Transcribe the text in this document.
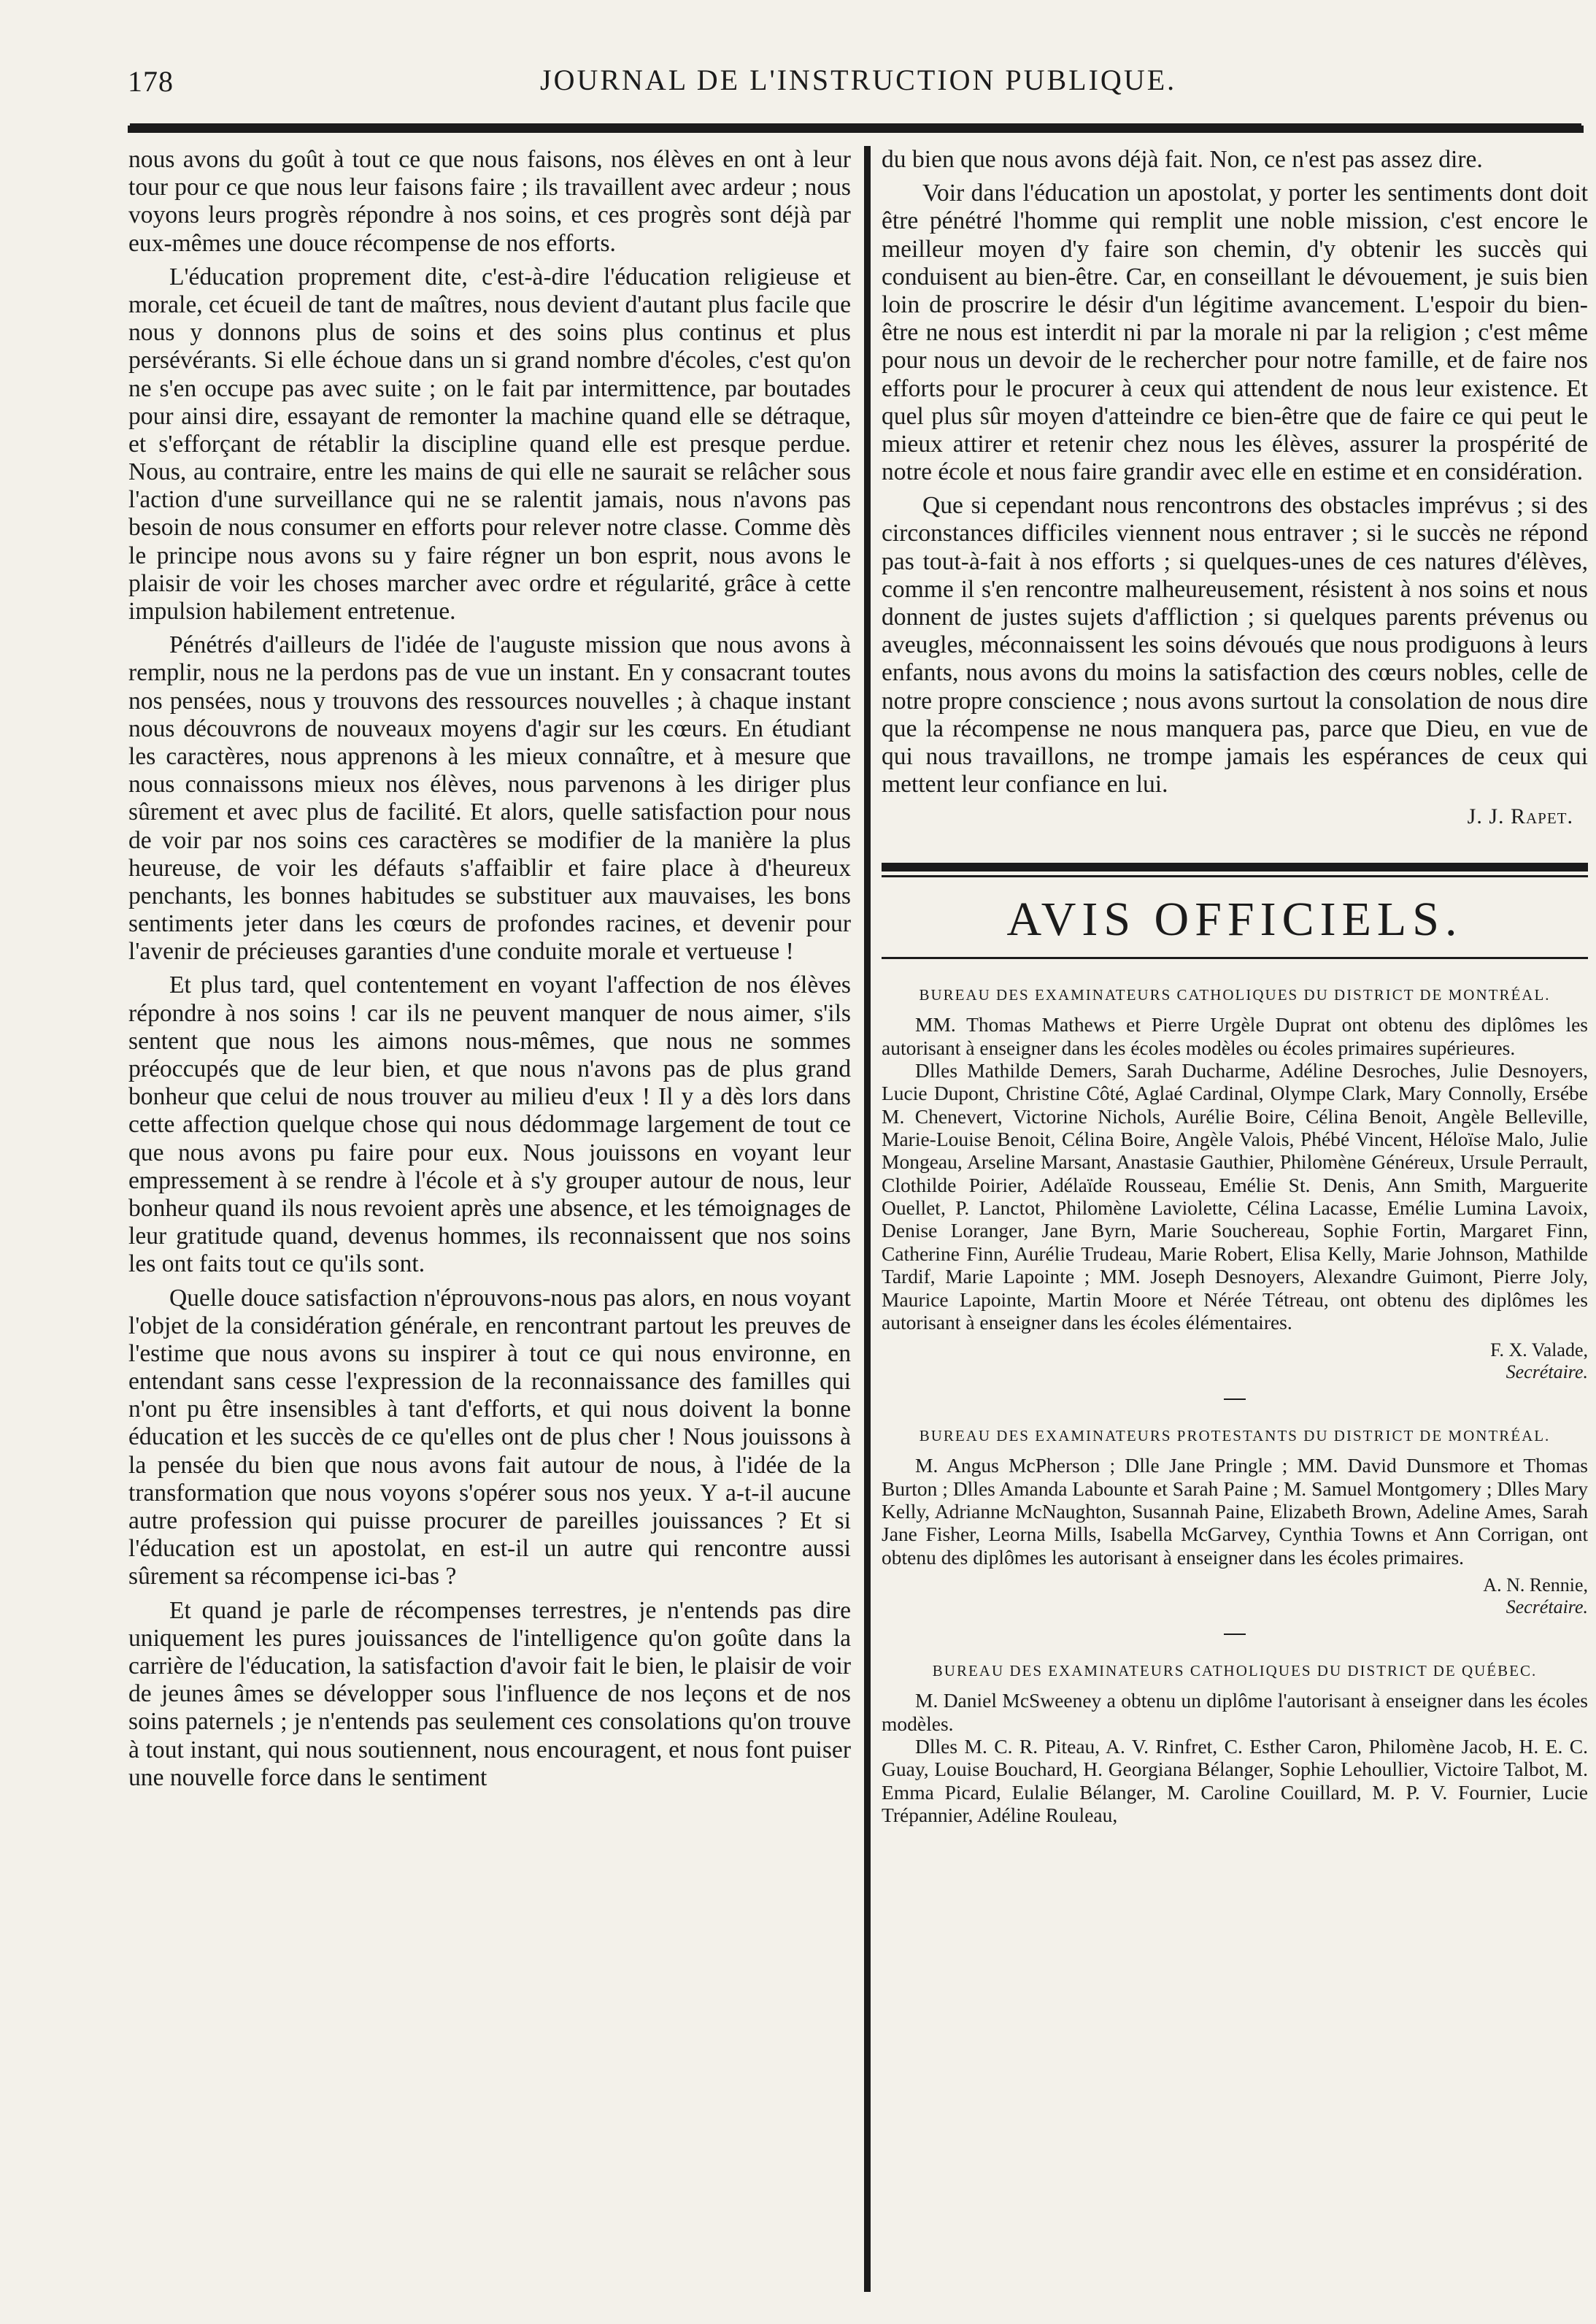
178	JOURNAL DE L'INSTRUCTION PUBLIQUE.

nous avons du goût à tout ce que nous faisons, nos élèves en ont à leur tour pour ce que nous leur faisons faire ; ils travaillent avec ardeur ; nous voyons leurs progrès répondre à nos soins, et ces progrès sont déjà par eux-mêmes une douce récompense de nos efforts.

L'éducation proprement dite, c'est-à-dire l'éducation religieuse et morale, cet écueil de tant de maîtres, nous devient d'autant plus facile que nous y donnons plus de soins et des soins plus continus et plus persévérants. Si elle échoue dans un si grand nombre d'écoles, c'est qu'on ne s'en occupe pas avec suite ; on le fait par intermittence, par boutades pour ainsi dire, essayant de remonter la machine quand elle se détraque, et s'efforçant de rétablir la discipline quand elle est presque perdue. Nous, au contraire, entre les mains de qui elle ne saurait se relâcher sous l'action d'une surveillance qui ne se ralentit jamais, nous n'avons pas besoin de nous consumer en efforts pour relever notre classe. Comme dès le principe nous avons su y faire régner un bon esprit, nous avons le plaisir de voir les choses marcher avec ordre et régularité, grâce à cette impulsion habilement entretenue.

Pénétrés d'ailleurs de l'idée de l'auguste mission que nous avons à remplir, nous ne la perdons pas de vue un instant. En y consacrant toutes nos pensées, nous y trouvons des ressources nouvelles ; à chaque instant nous découvrons de nouveaux moyens d'agir sur les cœurs. En étudiant les caractères, nous apprenons à les mieux connaître, et à mesure que nous connaissons mieux nos élèves, nous parvenons à les diriger plus sûrement et avec plus de facilité. Et alors, quelle satisfaction pour nous de voir par nos soins ces caractères se modifier de la manière la plus heureuse, de voir les défauts s'affaiblir et faire place à d'heureux penchants, les bonnes habitudes se substituer aux mauvaises, les bons sentiments jeter dans les cœurs de profondes racines, et devenir pour l'avenir de précieuses garanties d'une conduite morale et vertueuse !

Et plus tard, quel contentement en voyant l'affection de nos élèves répondre à nos soins ! car ils ne peuvent manquer de nous aimer, s'ils sentent que nous les aimons nous-mêmes, que nous ne sommes préoccupés que de leur bien, et que nous n'avons pas de plus grand bonheur que celui de nous trouver au milieu d'eux ! Il y a dès lors dans cette affection quelque chose qui nous dédommage largement de tout ce que nous avons pu faire pour eux. Nous jouissons en voyant leur empressement à se rendre à l'école et à s'y grouper autour de nous, leur bonheur quand ils nous revoient après une absence, et les témoignages de leur gratitude quand, devenus hommes, ils reconnaissent que nos soins les ont faits tout ce qu'ils sont.

Quelle douce satisfaction n'éprouvons-nous pas alors, en nous voyant l'objet de la considération générale, en rencontrant partout les preuves de l'estime que nous avons su inspirer à tout ce qui nous environne, en entendant sans cesse l'expression de la reconnaissance des familles qui n'ont pu être insensibles à tant d'efforts, et qui nous doivent la bonne éducation et les succès de ce qu'elles ont de plus cher ! Nous jouissons à la pensée du bien que nous avons fait autour de nous, à l'idée de la transformation que nous voyons s'opérer sous nos yeux. Y a-t-il aucune autre profession qui puisse procurer de pareilles jouissances ? Et si l'éducation est un apostolat, en est-il un autre qui rencontre aussi sûrement sa récompense ici-bas ?

Et quand je parle de récompenses terrestres, je n'entends pas dire uniquement les pures jouissances de l'intelligence qu'on goûte dans la carrière de l'éducation, la satisfaction d'avoir fait le bien, le plaisir de voir de jeunes âmes se développer sous l'influence de nos leçons et de nos soins paternels ; je n'entends pas seulement ces consolations qu'on trouve à tout instant, qui nous soutiennent, nous encouragent, et nous font puiser une nouvelle force dans le sentiment

du bien que nous avons déjà fait. Non, ce n'est pas assez dire.

Voir dans l'éducation un apostolat, y porter les sentiments dont doit être pénétré l'homme qui remplit une noble mission, c'est encore le meilleur moyen d'y faire son chemin, d'y obtenir les succès qui conduisent au bien-être. Car, en conseillant le dévouement, je suis bien loin de proscrire le désir d'un légitime avancement. L'espoir du bien-être ne nous est interdit ni par la morale ni par la religion ; c'est même pour nous un devoir de le rechercher pour notre famille, et de faire nos efforts pour le procurer à ceux qui attendent de nous leur existence. Et quel plus sûr moyen d'atteindre ce bien-être que de faire ce qui peut le mieux attirer et retenir chez nous les élèves, assurer la prospérité de notre école et nous faire grandir avec elle en estime et en considération.

Que si cependant nous rencontrons des obstacles imprévus ; si des circonstances difficiles viennent nous entraver ; si le succès ne répond pas tout-à-fait à nos efforts ; si quelques-unes de ces natures d'élèves, comme il s'en rencontre malheureusement, résistent à nos soins et nous donnent de justes sujets d'affliction ; si quelques parents prévenus ou aveugles, méconnaissent les soins dévoués que nous prodiguons à leurs enfants, nous avons du moins la satisfaction des cœurs nobles, celle de notre propre conscience ; nous avons surtout la consolation de nous dire que la récompense ne nous manquera pas, parce que Dieu, en vue de qui nous travaillons, ne trompe jamais les espérances de ceux qui mettent leur confiance en lui.

J. J. Rapet.
AVIS OFFICIELS.
BUREAU DES EXAMINATEURS CATHOLIQUES DU DISTRICT DE MONTRÉAL.

MM. Thomas Mathews et Pierre Urgèle Duprat ont obtenu des diplômes les autorisant à enseigner dans les écoles modèles ou écoles primaires supérieures.

Dlles Mathilde Demers, Sarah Ducharme, Adéline Desroches, Julie Desnoyers, Lucie Dupont, Christine Côté, Aglaé Cardinal, Olympe Clark, Mary Connolly, Ersébe M. Chenevert, Victorine Nichols, Aurélie Boire, Célina Benoit, Angèle Belleville, Marie-Louise Benoit, Célina Boire, Angèle Valois, Phébé Vincent, Héloïse Malo, Julie Mongeau, Arseline Marsant, Anastasie Gauthier, Philomène Généreux, Ursule Perrault, Clothilde Poirier, Adélaïde Rousseau, Emélie St. Denis, Ann Smith, Marguerite Ouellet, P. Lanctot, Philomène Laviolette, Célina Lacasse, Emélie Lumina Lavoix, Denise Loranger, Jane Byrn, Marie Souchereau, Sophie Fortin, Margaret Finn, Catherine Finn, Aurélie Trudeau, Marie Robert, Elisa Kelly, Marie Johnson, Mathilde Tardif, Marie Lapointe ; MM. Joseph Desnoyers, Alexandre Guimont, Pierre Joly, Maurice Lapointe, Martin Moore et Nérée Tétreau, ont obtenu des diplômes les autorisant à enseigner dans les écoles élémentaires.

F. X. Valade,

Secrétaire.

BUREAU DES EXAMINATEURS PROTESTANTS DU DISTRICT DE MONTRÉAL.

M. Angus McPherson ; Dlle Jane Pringle ; MM. David Dunsmore et Thomas Burton ; Dlles Amanda Labounte et Sarah Paine ; M. Samuel Montgomery ; Dlles Mary Kelly, Adrianne McNaughton, Susannah Paine, Elizabeth Brown, Adeline Ames, Sarah Jane Fisher, Leorna Mills, Isabella McGarvey, Cynthia Towns et Ann Corrigan, ont obtenu des diplômes les autorisant à enseigner dans les écoles primaires.

A. N. Rennie,

Secrétaire.

BUREAU DES EXAMINATEURS CATHOLIQUES DU DISTRICT DE QUÉBEC.

M. Daniel McSweeney a obtenu un diplôme l'autorisant à enseigner dans les écoles modèles.

Dlles M. C. R. Piteau, A. V. Rinfret, C. Esther Caron, Philomène Jacob, H. E. C. Guay, Louise Bouchard, H. Georgiana Bélanger, Sophie Lehoullier, Victoire Talbot, M. Emma Picard, Eulalie Bélanger, M. Caroline Couillard, M. P. V. Fournier, Lucie Trépannier, Adéline Rouleau,
